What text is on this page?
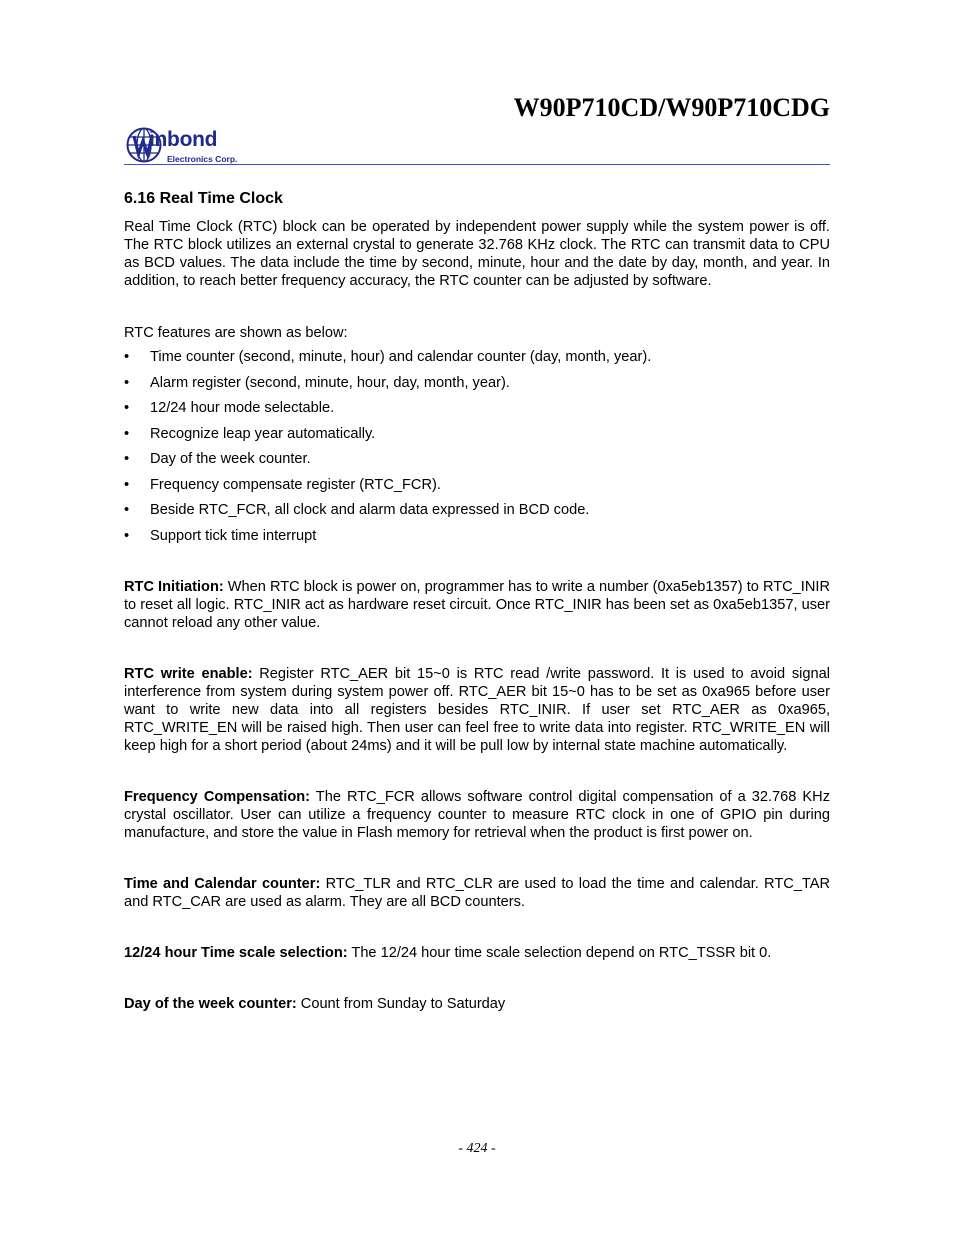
W90P710CD/W90P710CDG
inbond
Electronics Corp.
6.16 Real Time Clock

Real Time Clock (RTC) block can be operated by independent power supply while the system power is off. The RTC block utilizes an external crystal to generate 32.768 KHz clock. The RTC can transmit data to CPU as BCD values. The data include the time by second, minute, hour and the date by day, month, and year. In addition, to reach better frequency accuracy, the RTC counter can be adjusted by software.

RTC features are shown as below:

• Time counter (second, minute, hour) and calendar counter (day, month, year).
• Alarm register (second, minute, hour, day, month, year).
• 12/24 hour mode selectable.
• Recognize leap year automatically.
• Day of the week counter.
• Frequency compensate register (RTC_FCR).
• Beside RTC_FCR, all clock and alarm data expressed in BCD code.
• Support tick time interrupt

RTC Initiation: When RTC block is power on, programmer has to write a number (0xa5eb1357) to RTC_INIR to reset all logic. RTC_INIR act as hardware reset circuit. Once RTC_INIR has been set as 0xa5eb1357, user cannot reload any other value.

RTC write enable: Register RTC_AER bit 15~0 is RTC read /write password. It is used to avoid signal interference from system during system power off. RTC_AER bit 15~0 has to be set as 0xa965 before user want to write new data into all registers besides RTC_INIR. If user set RTC_AER as 0xa965, RTC_WRITE_EN will be raised high. Then user can feel free to write data into register. RTC_WRITE_EN will keep high for a short period (about 24ms) and it will be pull low by internal state machine automatically.

Frequency Compensation: The RTC_FCR allows software control digital compensation of a 32.768 KHz crystal oscillator. User can utilize a frequency counter to measure RTC clock in one of GPIO pin during manufacture, and store the value in Flash memory for retrieval when the product is first power on.

Time and Calendar counter: RTC_TLR and RTC_CLR are used to load the time and calendar. RTC_TAR and RTC_CAR are used as alarm. They are all BCD counters.

12/24 hour Time scale selection: The 12/24 hour time scale selection depend on RTC_TSSR bit 0.

Day of the week counter: Count from Sunday to Saturday

- 424 -
